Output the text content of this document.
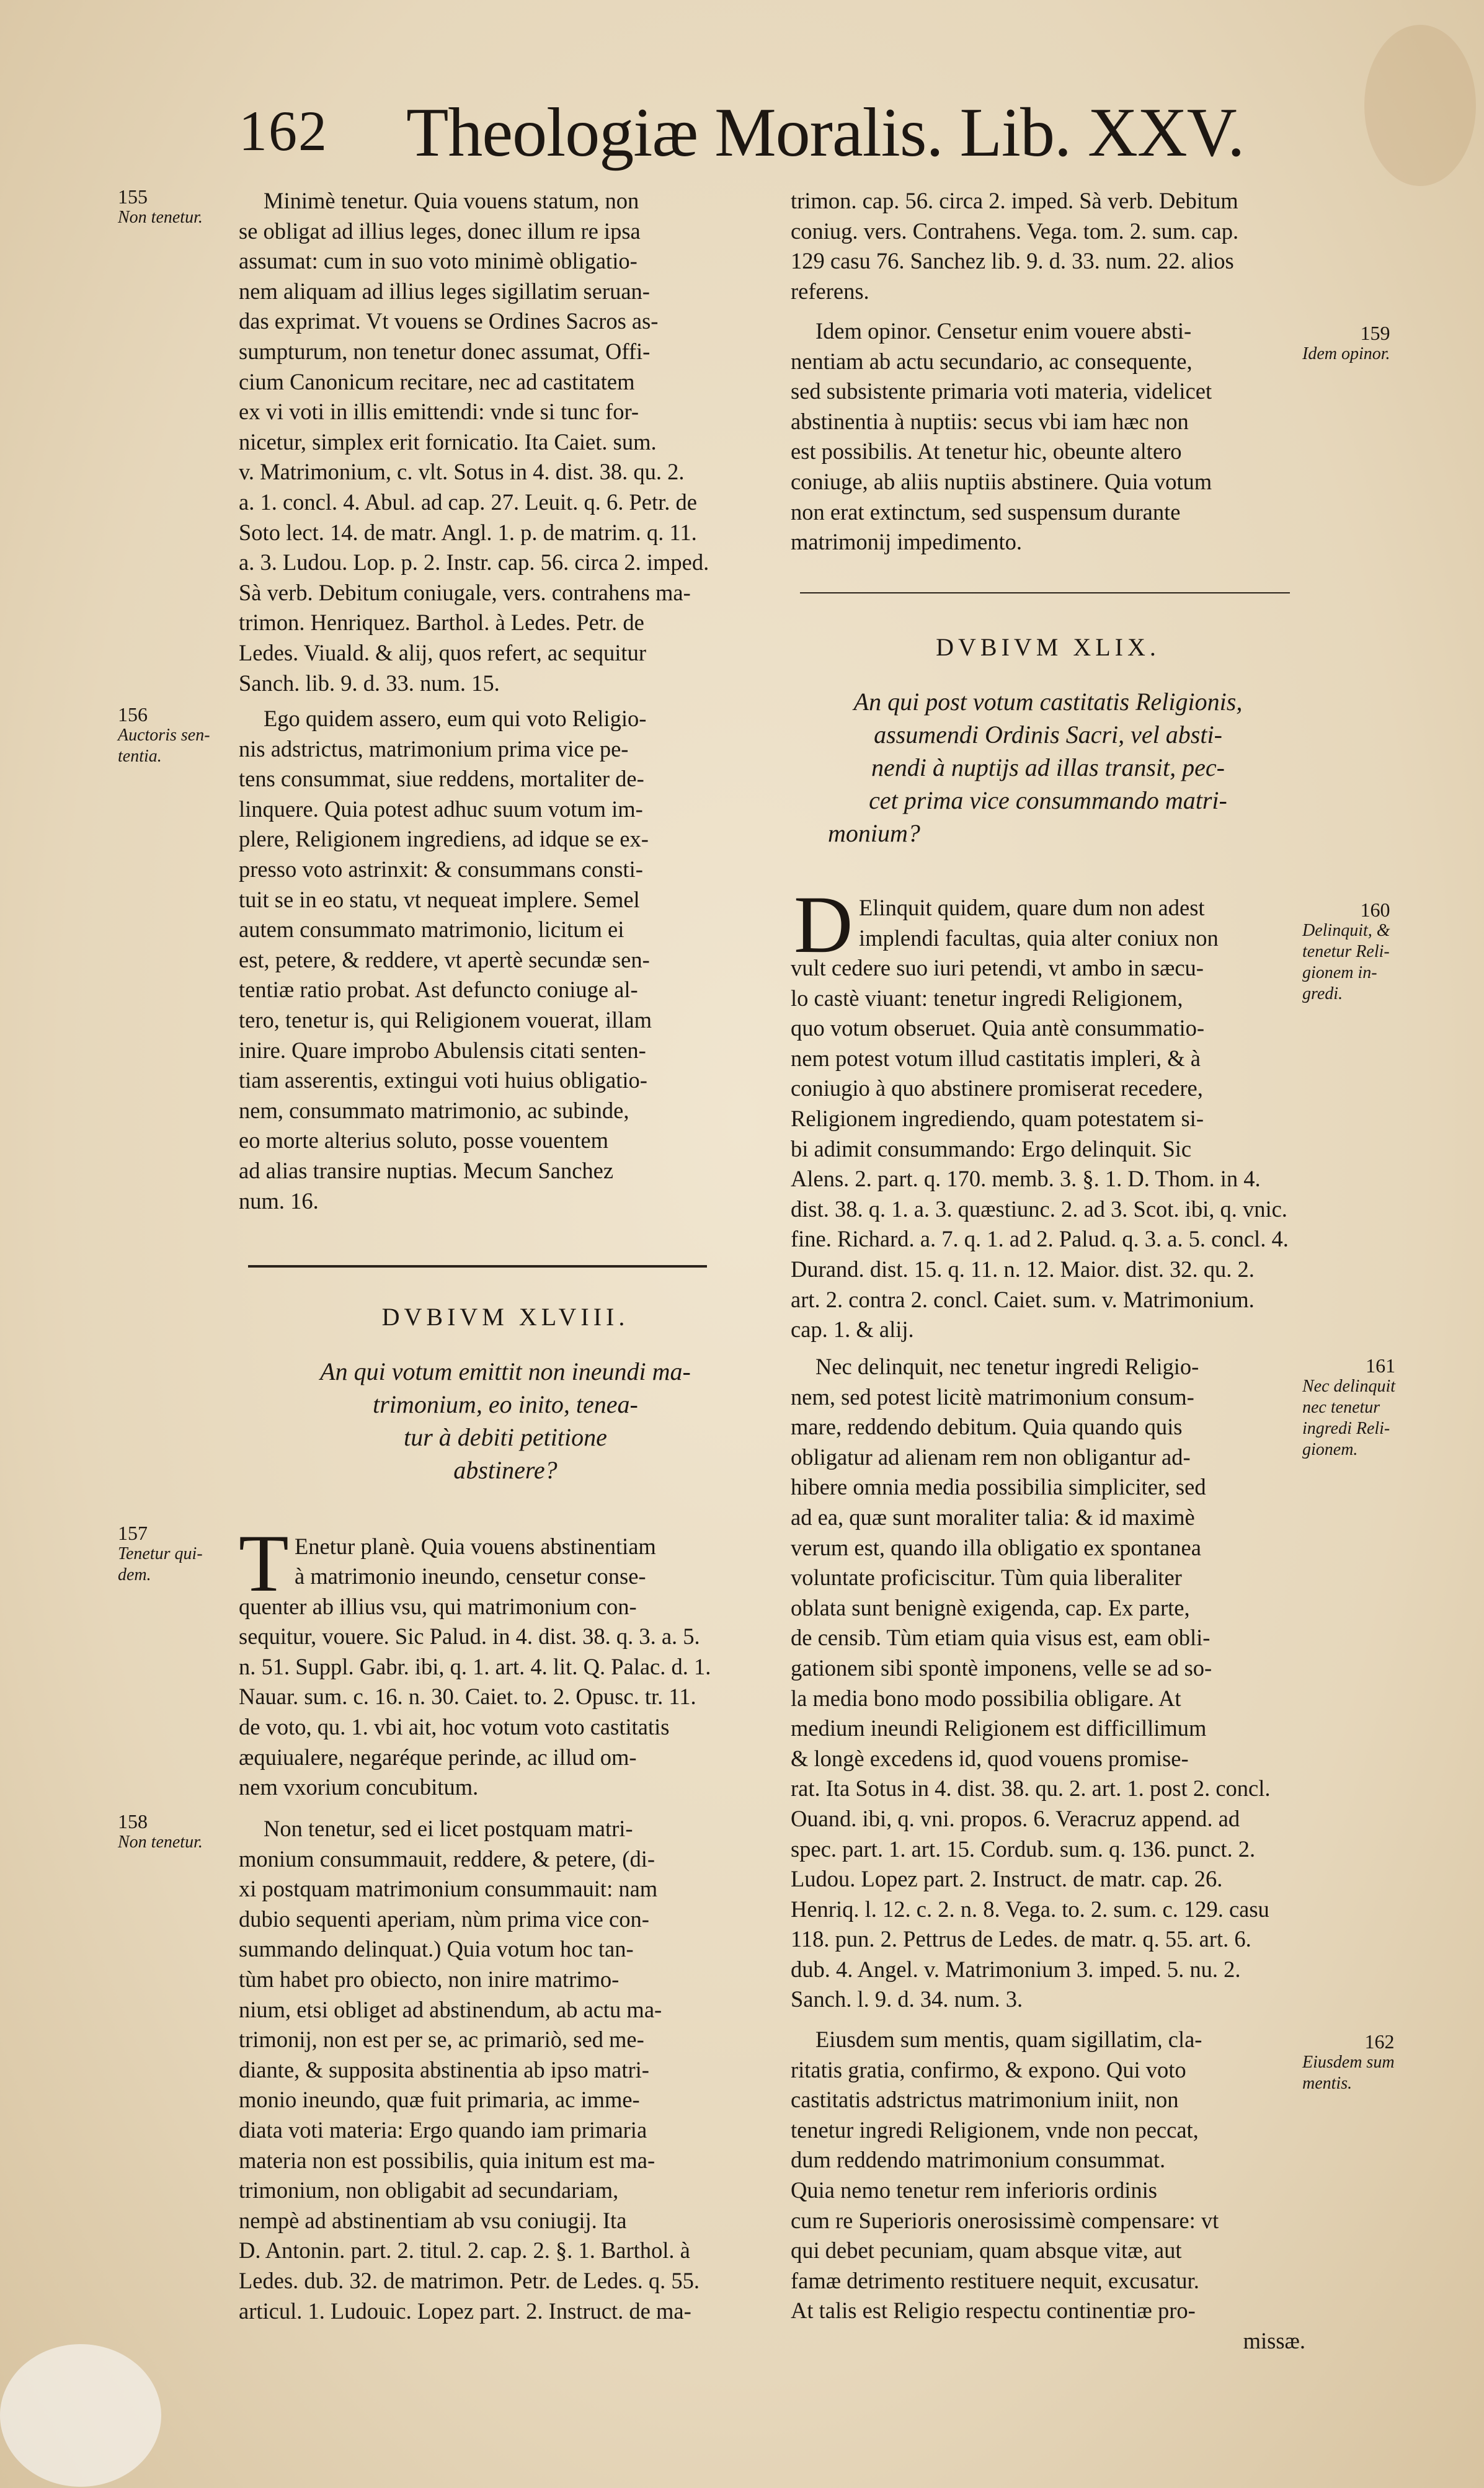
162 Theologiæ Moralis. Lib. XXV.

Minimè tenetur. Quia vouens statum, non

se obligat ad illius leges, donec illum re ipsa

assumat: cum in suo voto minimè obligatio-

nem aliquam ad illius leges sigillatim seruan-

das exprimat. Vt vouens se Ordines Sacros as-

sumpturum, non tenetur donec assumat, Offi-

cium Canonicum recitare, nec ad castitatem

ex vi voti in illis emittendi: vnde si tunc for-

nicetur, simplex erit fornicatio. Ita Caiet. sum.

v. Matrimonium, c. vlt. Sotus in 4. dist. 38. qu. 2.

a. 1. concl. 4. Abul. ad cap. 27. Leuit. q. 6. Petr. de

Soto lect. 14. de matr. Angl. 1. p. de matrim. q. 11.

a. 3. Ludou. Lop. p. 2. Instr. cap. 56. circa 2. imped.

Sà verb. Debitum coniugale, vers. contrahens ma-

trimon. Henriquez. Barthol. à Ledes. Petr. de

Ledes. Viuald. & alij, quos refert, ac sequitur

Sanch. lib. 9. d. 33. num. 15.

Ego quidem assero, eum qui voto Religio-

nis adstrictus, matrimonium prima vice pe-

tens consummat, siue reddens, mortaliter de-

linquere. Quia potest adhuc suum votum im-

plere, Religionem ingrediens, ad idque se ex-

presso voto astrinxit: & consummans consti-

tuit se in eo statu, vt nequeat implere. Semel

autem consummato matrimonio, licitum ei

est, petere, & reddere, vt apertè secundæ sen-

tentiæ ratio probat. Ast defuncto coniuge al-

tero, tenetur is, qui Religionem vouerat, illam

inire. Quare improbo Abulensis citati senten-

tiam asserentis, extingui voti huius obligatio-

nem, consummato matrimonio, ac subinde,

eo morte alterius soluto, posse vouentem

ad alias transire nuptias. Mecum Sanchez

num. 16.

DVBIVM XLVIII.

An qui votum emittit non ineundi ma-

trimonium, eo inito, tenea-

tur à debiti petitione

abstinere?

T Enetur planè. Quia vouens abstinentiam

à matrimonio ineundo, censetur conse-

quenter ab illius vsu, qui matrimonium con-

sequitur, vouere. Sic Palud. in 4. dist. 38. q. 3. a. 5.

n. 51. Suppl. Gabr. ibi, q. 1. art. 4. lit. Q. Palac. d. 1.

Nauar. sum. c. 16. n. 30. Caiet. to. 2. Opusc. tr. 11.

de voto, qu. 1. vbi ait, hoc votum voto castitatis

æquiualere, negaréque perinde, ac illud om-

nem vxorium concubitum.

Non tenetur, sed ei licet postquam matri-

monium consummauit, reddere, & petere, (di-

xi postquam matrimonium consummauit: nam

dubio sequenti aperiam, nùm prima vice con-

summando delinquat.) Quia votum hoc tan-

tùm habet pro obiecto, non inire matrimo-

nium, etsi obliget ad abstinendum, ab actu ma-

trimonij, non est per se, ac primariò, sed me-

diante, & supposita abstinentia ab ipso matri-

monio ineundo, quæ fuit primaria, ac imme-

diata voti materia: Ergo quando iam primaria

materia non est possibilis, quia initum est ma-

trimonium, non obligabit ad secundariam,

nempè ad abstinentiam ab vsu coniugij. Ita

D. Antonin. part. 2. titul. 2. cap. 2. §. 1. Barthol. à

Ledes. dub. 32. de matrimon. Petr. de Ledes. q. 55.

articul. 1. Ludouic. Lopez part. 2. Instruct. de ma-

trimon. cap. 56. circa 2. imped. Sà verb. Debitum

coniug. vers. Contrahens. Vega. tom. 2. sum. cap.

129 casu 76. Sanchez lib. 9. d. 33. num. 22. alios

referens.

Idem opinor. Censetur enim vouere absti-

nentiam ab actu secundario, ac consequente,

sed subsistente primaria voti materia, videlicet

abstinentia à nuptiis: secus vbi iam hæc non

est possibilis. At tenetur hic, obeunte altero

coniuge, ab aliis nuptiis abstinere. Quia votum

non erat extinctum, sed suspensum durante

matrimonij impedimento.

DVBIVM XLIX.

An qui post votum castitatis Religionis,

assumendi Ordinis Sacri, vel absti-

nendi à nuptijs ad illas transit, pec-

cet prima vice consummando matri-

monium?

D Elinquit quidem, quare dum non adest

implendi facultas, quia alter coniux non

vult cedere suo iuri petendi, vt ambo in sæcu-

lo castè viuant: tenetur ingredi Religionem,

quo votum obseruet. Quia antè consummatio-

nem potest votum illud castitatis impleri, & à

coniugio à quo abstinere promiserat recedere,

Religionem ingrediendo, quam potestatem si-

bi adimit consummando: Ergo delinquit. Sic

Alens. 2. part. q. 170. memb. 3. §. 1. D. Thom. in 4.

dist. 38. q. 1. a. 3. quæstiunc. 2. ad 3. Scot. ibi, q. vnic.

fine. Richard. a. 7. q. 1. ad 2. Palud. q. 3. a. 5. concl. 4.

Durand. dist. 15. q. 11. n. 12. Maior. dist. 32. qu. 2.

art. 2. contra 2. concl. Caiet. sum. v. Matrimonium.

cap. 1. & alij.

Nec delinquit, nec tenetur ingredi Religio-

nem, sed potest licitè matrimonium consum-

mare, reddendo debitum. Quia quando quis

obligatur ad alienam rem non obligantur ad-

hibere omnia media possibilia simpliciter, sed

ad ea, quæ sunt moraliter talia: & id maximè

verum est, quando illa obligatio ex spontanea

voluntate proficiscitur. Tùm quia liberaliter

oblata sunt benignè exigenda, cap. Ex parte,

de censib. Tùm etiam quia visus est, eam obli-

gationem sibi spontè imponens, velle se ad so-

la media bono modo possibilia obligare. At

medium ineundi Religionem est difficillimum

& longè excedens id, quod vouens promise-

rat. Ita Sotus in 4. dist. 38. qu. 2. art. 1. post 2. concl.

Ouand. ibi, q. vni. propos. 6. Veracruz append. ad

spec. part. 1. art. 15. Cordub. sum. q. 136. punct. 2.

Ludou. Lopez part. 2. Instruct. de matr. cap. 26.

Henriq. l. 12. c. 2. n. 8. Vega. to. 2. sum. c. 129. casu

118. pun. 2. Pettrus de Ledes. de matr. q. 55. art. 6.

dub. 4. Angel. v. Matrimonium 3. imped. 5. nu. 2.

Sanch. l. 9. d. 34. num. 3.

Eiusdem sum mentis, quam sigillatim, cla-

ritatis gratia, confirmo, & expono. Qui voto

castitatis adstrictus matrimonium iniit, non

tenetur ingredi Religionem, vnde non peccat,

dum reddendo matrimonium consummat.

Quia nemo tenetur rem inferioris ordinis

cum re Superioris onerosissimè compensare: vt

qui debet pecuniam, quam absque vitæ, aut

famæ detrimento restituere nequit, excusatur.

At talis est Religio respectu continentiæ pro-

missæ.

155

Non tenetur.

156

Auctoris sen-

tentia.

157

Tenetur qui-

dem.

158

Non tenetur.

159

Idem opinor.

160

Delinquit, &

tenetur Reli-

gionem in-

gredi.

161

Nec delinquit

nec tenetur

ingredi Reli-

gionem.

162

Eiusdem sum

mentis.
